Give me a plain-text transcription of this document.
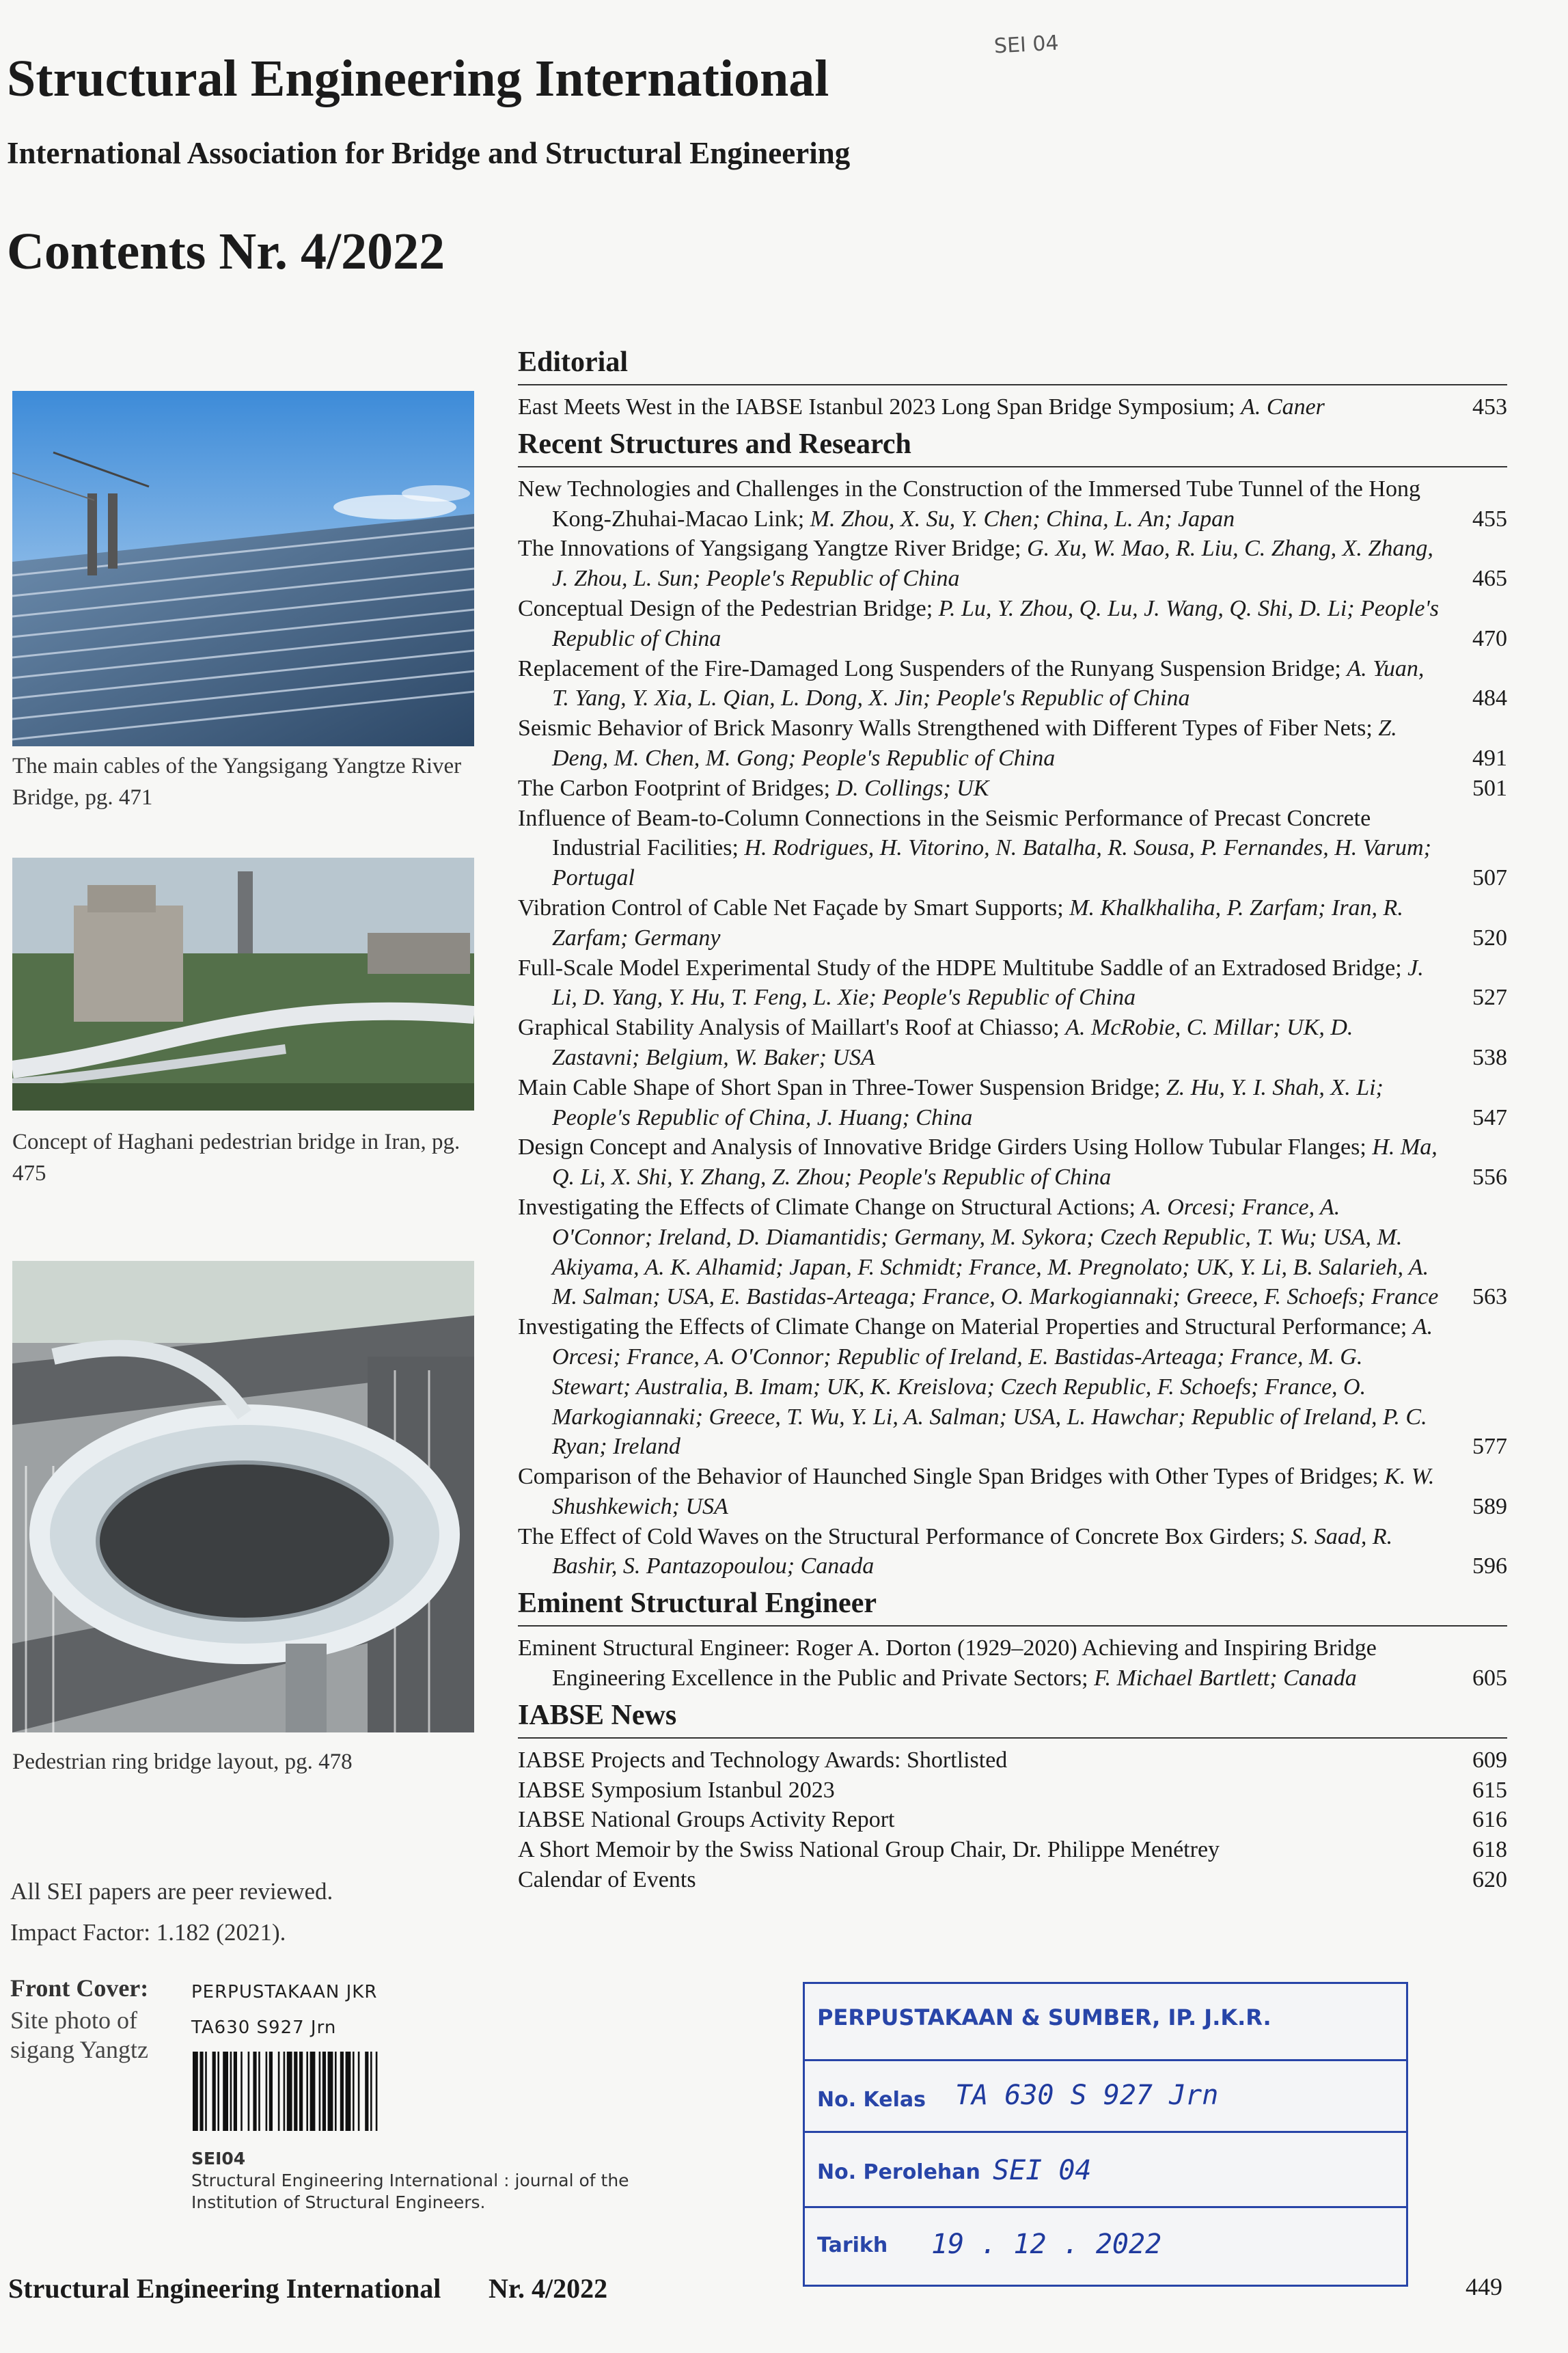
Structural Engineering International
International Association for Bridge and Structural Engineering
Contents Nr. 4/2022
SEI 04
The main cables of the Yangsigang Yangtze River Bridge, pg. 471
Concept of Haghani pedestrian bridge in Iran, pg. 475
Pedestrian ring bridge layout, pg. 478
Editorial
East Meets West in the IABSE Istanbul 2023 Long Span Bridge Symposium; A. Caner	453
Recent Structures and Research
New Technologies and Challenges in the Construction of the Immersed Tube Tunnel of the Hong Kong-Zhuhai-Macao Link; M. Zhou, X. Su, Y. Chen; China, L. An; Japan	455
The Innovations of Yangsigang Yangtze River Bridge; G. Xu, W. Mao, R. Liu, C. Zhang, X. Zhang, J. Zhou, L. Sun; People's Republic of China	465
Conceptual Design of the Pedestrian Bridge; P. Lu, Y. Zhou, Q. Lu, J. Wang, Q. Shi, D. Li; People's Republic of China	470
Replacement of the Fire-Damaged Long Suspenders of the Runyang Suspension Bridge; A. Yuan, T. Yang, Y. Xia, L. Qian, L. Dong, X. Jin; People's Republic of China	484
Seismic Behavior of Brick Masonry Walls Strengthened with Different Types of Fiber Nets; Z. Deng, M. Chen, M. Gong; People's Republic of China	491
The Carbon Footprint of Bridges; D. Collings; UK	501
Influence of Beam-to-Column Connections in the Seismic Performance of Precast Concrete Industrial Facilities; H. Rodrigues, H. Vitorino, N. Batalha, R. Sousa, P. Fernandes, H. Varum; Portugal	507
Vibration Control of Cable Net Façade by Smart Supports; M. Khalkhaliha, P. Zarfam; Iran, R. Zarfam; Germany	520
Full-Scale Model Experimental Study of the HDPE Multitube Saddle of an Extradosed Bridge; J. Li, D. Yang, Y. Hu, T. Feng, L. Xie; People's Republic of China	527
Graphical Stability Analysis of Maillart's Roof at Chiasso; A. McRobie, C. Millar; UK, D. Zastavni; Belgium, W. Baker; USA	538
Main Cable Shape of Short Span in Three-Tower Suspension Bridge; Z. Hu, Y. I. Shah, X. Li; People's Republic of China, J. Huang; China	547
Design Concept and Analysis of Innovative Bridge Girders Using Hollow Tubular Flanges; H. Ma, Q. Li, X. Shi, Y. Zhang, Z. Zhou; People's Republic of China	556
Investigating the Effects of Climate Change on Structural Actions; A. Orcesi; France, A. O'Connor; Ireland, D. Diamantidis; Germany, M. Sykora; Czech Republic, T. Wu; USA, M. Akiyama, A. K. Alhamid; Japan, F. Schmidt; France, M. Pregnolato; UK, Y. Li, B. Salarieh, A. M. Salman; USA, E. Bastidas-Arteaga; France, O. Markogiannaki; Greece, F. Schoefs; France 563
Investigating the Effects of Climate Change on Material Properties and Structural Performance; A. Orcesi; France, A. O'Connor; Republic of Ireland, E. Bastidas-Arteaga; France, M. G. Stewart; Australia, B. Imam; UK, K. Kreislova; Czech Republic, F. Schoefs; France, O. Markogiannaki; Greece, T. Wu, Y. Li, A. Salman; USA, L. Hawchar; Republic of Ireland, P. C. Ryan; Ireland	577
Comparison of the Behavior of Haunched Single Span Bridges with Other Types of Bridges; K. W. Shushkewich; USA	589
The Effect of Cold Waves on the Structural Performance of Concrete Box Girders; S. Saad, R. Bashir, S. Pantazopoulou; Canada	596
Eminent Structural Engineer
Eminent Structural Engineer: Roger A. Dorton (1929–2020) Achieving and Inspiring Bridge Engineering Excellence in the Public and Private Sectors; F. Michael Bartlett; Canada	605
IABSE News
IABSE Projects and Technology Awards: Shortlisted	609
IABSE Symposium Istanbul 2023	615
IABSE National Groups Activity Report	616
A Short Memoir by the Swiss National Group Chair, Dr. Philippe Menétrey	618
Calendar of Events	620
All SEI papers are peer reviewed.
Impact Factor: 1.182 (2021).
Front Cover:
Site photo of
sigang Yangtz
PERPUSTAKAAN JKR
TA630 S927 Jrn
SEI04
Structural Engineering International : journal of the
Institution of Structural Engineers.
PERPUSTAKAAN & SUMBER, IP. J.K.R.
No. Kelas TA 630 S 927 Jrn
No. Perolehan SEI 04
Tarikh 19 . 12 . 2022
Structural Engineering International Nr. 4/2022	449
